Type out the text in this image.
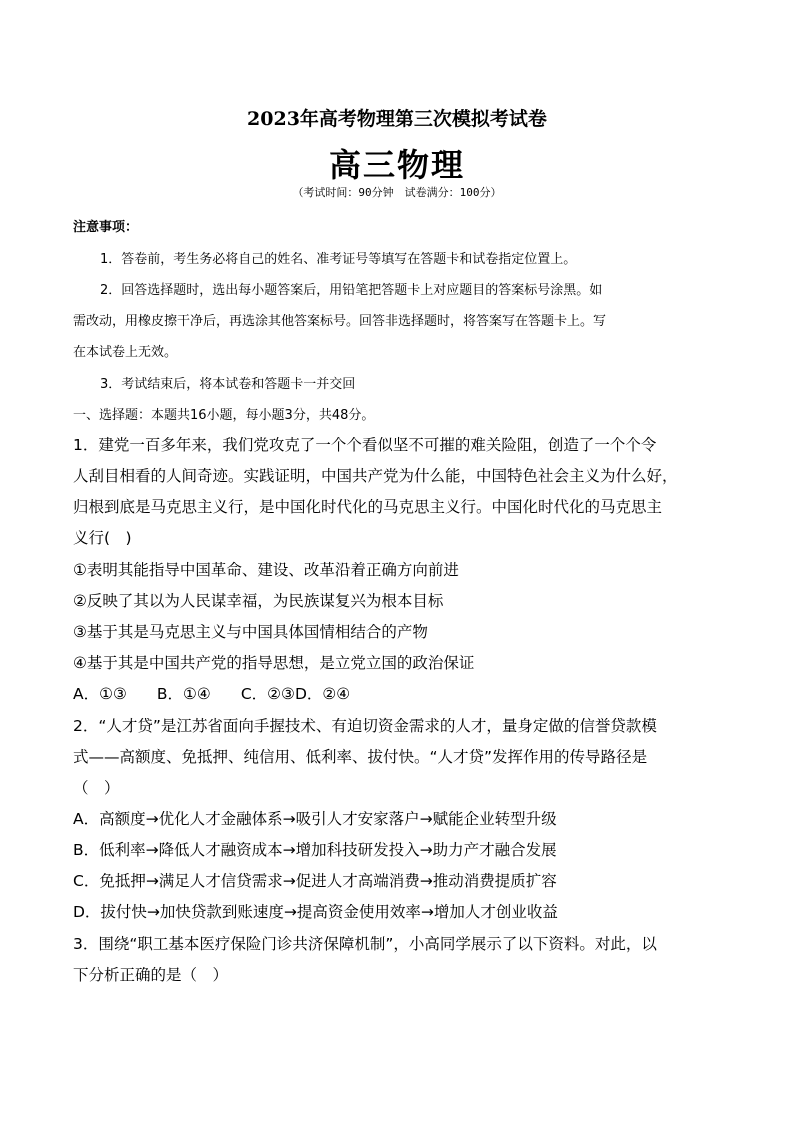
2023年高考物理第三次模拟考试卷
高三物理
（考试时间：90分钟　试卷满分：100分）
注意事项：
1．答卷前，考生务必将自己的姓名、准考证号等填写在答题卡和试卷指定位置上。
2．回答选择题时，选出每小题答案后，用铅笔把答题卡上对应题目的答案标号涂黑。如
需改动，用橡皮擦干净后，再选涂其他答案标号。回答非选择题时，将答案写在答题卡上。写
在本试卷上无效。
3．考试结束后，将本试卷和答题卡一并交回
一、选择题：本题共16小题，每小题3分，共48分。
1．建党一百多年来，我们党攻克了一个个看似坚不可摧的难关险阻，创造了一个个令
人刮目相看的人间奇迹。实践证明，中国共产党为什么能，中国特色社会主义为什么好，
归根到底是马克思主义行，是中国化时代化的马克思主义行。中国化时代化的马克思主
义行(　)
①表明其能指导中国革命、建设、改革沿着正确方向前进
②反映了其以为人民谋幸福，为民族谋复兴为根本目标
③基于其是马克思主义与中国具体国情相结合的产物
④基于其是中国共产党的指导思想，是立党立国的政治保证
A．①③ B．①④ C．②③D．②④
2．“人才贷”是江苏省面向手握技术、有迫切资金需求的人才，量身定做的信誉贷款模
式——高额度、免抵押、纯信用、低利率、拔付快。“人才贷”发挥作用的传导路径是
（　）
A．高额度→优化人才金融体系→吸引人才安家落户→赋能企业转型升级
B．低利率→降低人才融资成本→增加科技研发投入→助力产才融合发展
C．免抵押→满足人才信贷需求→促进人才高端消费→推动消费提质扩容
D．拔付快→加快贷款到账速度→提高资金使用效率→增加人才创业收益
3．围绕“职工基本医疗保险门诊共济保障机制”，小高同学展示了以下资料。对此，以
下分析正确的是（　）
